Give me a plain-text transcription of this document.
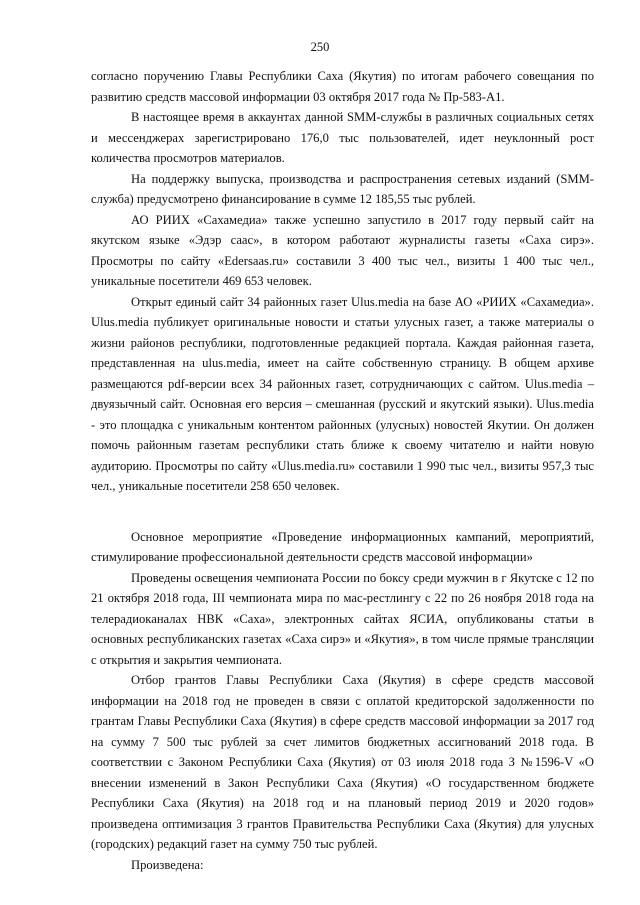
250

согласно поручению Главы Республики Саха (Якутия) по итогам рабочего совещания по развитию средств массовой информации 03 октября 2017 года № Пр-583-А1.

В настоящее время в аккаунтах данной SMM-службы в различных социальных сетях и мессенджерах зарегистрировано 176,0 тыс пользователей, идет неуклонный рост количества просмотров материалов.

На поддержку выпуска, производства и распространения сетевых изданий (SMM-служба) предусмотрено финансирование в сумме 12 185,55 тыс рублей.

АО РИИХ «Сахамедиа» также успешно запустило в 2017 году первый сайт на якутском языке «Эдэр саас», в котором работают журналисты газеты «Саха сирэ». Просмотры по сайту «Edersaas.ru» составили 3 400 тыс чел., визиты 1 400 тыс чел., уникальные посетители 469 653 человек.

Открыт единый сайт 34 районных газет Ulus.media на базе АО «РИИХ «Сахамедиа». Ulus.media публикует оригинальные новости и статьи улусных газет, а также материалы о жизни районов республики, подготовленные редакцией портала. Каждая районная газета, представленная на ulus.media, имеет на сайте собственную страницу. В общем архиве размещаются pdf-версии всех 34 районных газет, сотрудничающих с сайтом. Ulus.media – двуязычный сайт. Основная его версия – смешанная (русский и якутский языки). Ulus.media - это площадка с уникальным контентом районных (улусных) новостей Якутии. Он должен помочь районным газетам республики стать ближе к своему читателю и найти новую аудиторию. Просмотры по сайту «Ulus.media.ru» составили 1 990 тыс чел., визиты 957,3 тыс чел., уникальные посетители 258 650 человек.

Основное мероприятие «Проведение информационных кампаний, мероприятий, стимулирование профессиональной деятельности средств массовой информации»

Проведены освещения чемпионата России по боксу среди мужчин в г Якутске с 12 по 21 октября 2018 года, III чемпионата мира по мас-рестлингу с 22 по 26 ноября 2018 года на телерадиоканалах НВК «Саха», электронных сайтах ЯСИА, опубликованы статьи в основных республиканских газетах «Саха сирэ» и «Якутия», в том числе прямые трансляции с открытия и закрытия чемпионата.

Отбор грантов Главы Республики Саха (Якутия) в сфере средств массовой информации на 2018 год не проведен в связи с оплатой кредиторской задолженности по грантам Главы Республики Саха (Якутия) в сфере средств массовой информации за 2017 год на сумму 7 500 тыс рублей за счет лимитов бюджетных ассигнований 2018 года. В соответствии с Законом Республики Саха (Якутия) от 03 июля 2018 года З №1596-V «О внесении изменений в Закон Республики Саха (Якутия) «О государственном бюджете Республики Саха (Якутия) на 2018 год и на плановый период 2019 и 2020 годов» произведена оптимизация 3 грантов Правительства Республики Саха (Якутия) для улусных (городских) редакций газет на сумму 750 тыс рублей.

Произведена:
